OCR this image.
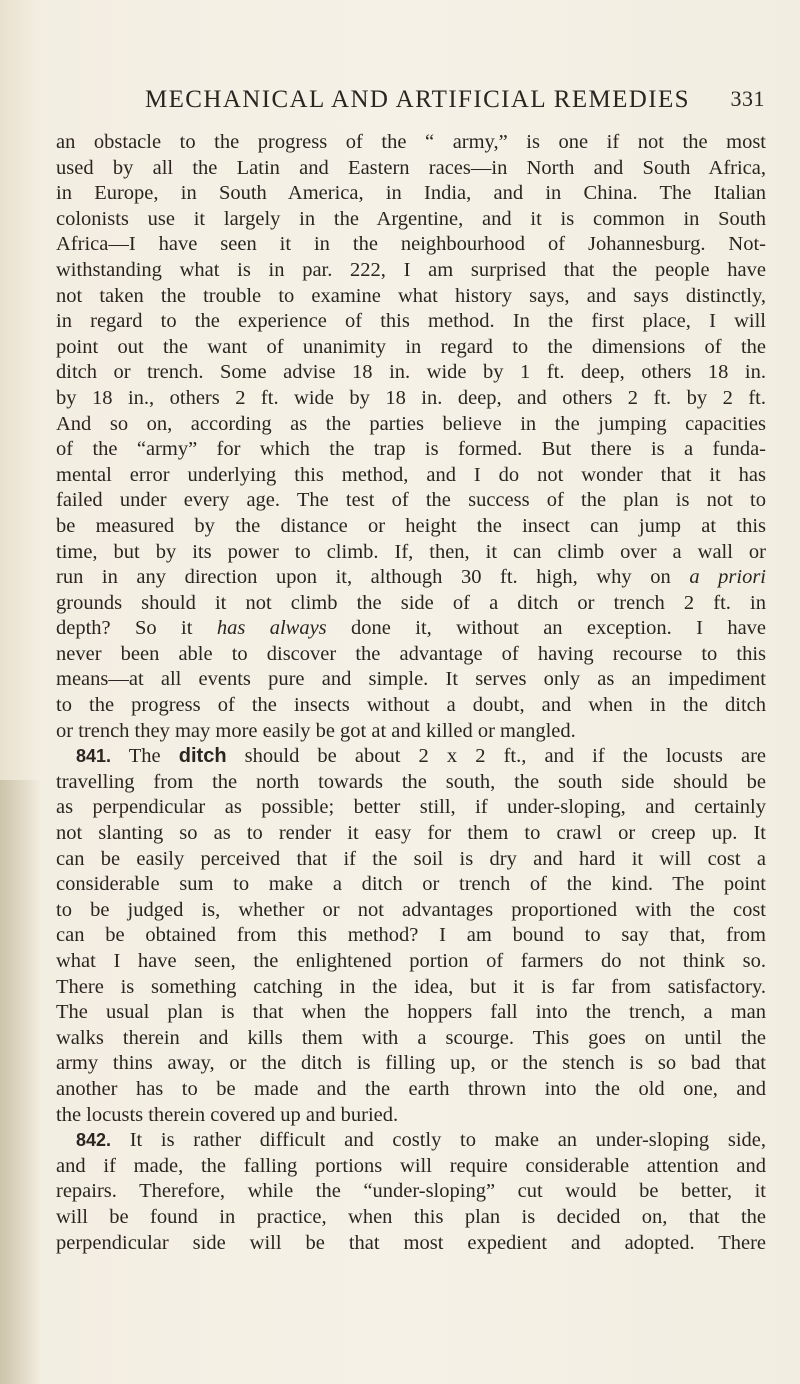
MECHANICAL AND ARTIFICIAL REMEDIES 331
an obstacle to the progress of the “ army,” is one if not the most
used by all the Latin and Eastern races—in North and South Africa,
in Europe, in South America, in India, and in China. The Italian
colonists use it largely in the Argentine, and it is common in South
Africa—I have seen it in the neighbourhood of Johannesburg. Not-
withstanding what is in par. 222, I am surprised that the people have
not taken the trouble to examine what history says, and says distinctly,
in regard to the experience of this method. In the first place, I will
point out the want of unanimity in regard to the dimensions of the
ditch or trench. Some advise 18 in. wide by 1 ft. deep, others 18 in.
by 18 in., others 2 ft. wide by 18 in. deep, and others 2 ft. by 2 ft.
And so on, according as the parties believe in the jumping capacities
of the “army” for which the trap is formed. But there is a funda-
mental error underlying this method, and I do not wonder that it has
failed under every age. The test of the success of the plan is not to
be measured by the distance or height the insect can jump at this
time, but by its power to climb. If, then, it can climb over a wall or
run in any direction upon it, although 30 ft. high, why on a priori
grounds should it not climb the side of a ditch or trench 2 ft. in
depth? So it has always done it, without an exception. I have
never been able to discover the advantage of having recourse to this
means—at all events pure and simple. It serves only as an impediment
to the progress of the insects without a doubt, and when in the ditch
or trench they may more easily be got at and killed or mangled.
841. The ditch should be about 2 x 2 ft., and if the locusts are
travelling from the north towards the south, the south side should be
as perpendicular as possible; better still, if under-sloping, and certainly
not slanting so as to render it easy for them to crawl or creep up. It
can be easily perceived that if the soil is dry and hard it will cost a
considerable sum to make a ditch or trench of the kind. The point
to be judged is, whether or not advantages proportioned with the cost
can be obtained from this method? I am bound to say that, from
what I have seen, the enlightened portion of farmers do not think so.
There is something catching in the idea, but it is far from satisfactory.
The usual plan is that when the hoppers fall into the trench, a man
walks therein and kills them with a scourge. This goes on until the
army thins away, or the ditch is filling up, or the stench is so bad that
another has to be made and the earth thrown into the old one, and
the locusts therein covered up and buried.
842. It is rather difficult and costly to make an under-sloping side,
and if made, the falling portions will require considerable attention and
repairs. Therefore, while the “under-sloping” cut would be better, it
will be found in practice, when this plan is decided on, that the
perpendicular side will be that most expedient and adopted. There
